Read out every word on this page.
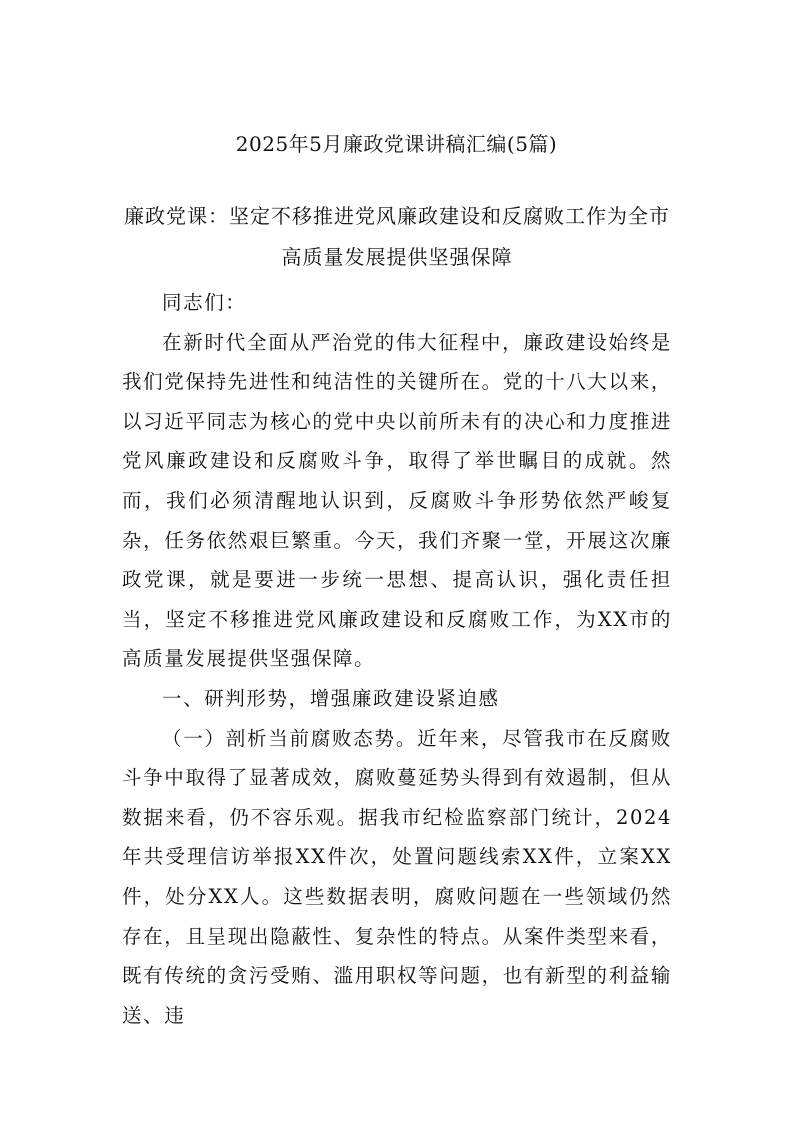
2025年5月廉政党课讲稿汇编(5篇)
廉政党课：坚定不移推进党风廉政建设和反腐败工作为全市高质量发展提供坚强保障

同志们：

在新时代全面从严治党的伟大征程中，廉政建设始终是我们党保持先进性和纯洁性的关键所在。党的十八大以来，以习近平同志为核心的党中央以前所未有的决心和力度推进党风廉政建设和反腐败斗争，取得了举世瞩目的成就。然而，我们必须清醒地认识到，反腐败斗争形势依然严峻复杂，任务依然艰巨繁重。今天，我们齐聚一堂，开展这次廉政党课，就是要进一步统一思想、提高认识，强化责任担当，坚定不移推进党风廉政建设和反腐败工作，为XX市的高质量发展提供坚强保障。

一、研判形势，增强廉政建设紧迫感

（一）剖析当前腐败态势。近年来，尽管我市在反腐败斗争中取得了显著成效，腐败蔓延势头得到有效遏制，但从数据来看，仍不容乐观。据我市纪检监察部门统计，2024年共受理信访举报XX件次，处置问题线索XX件，立案XX件，处分XX人。这些数据表明，腐败问题在一些领域仍然存在，且呈现出隐蔽性、复杂性的特点。从案件类型来看，既有传统的贪污受贿、滥用职权等问题，也有新型的利益输送、违
